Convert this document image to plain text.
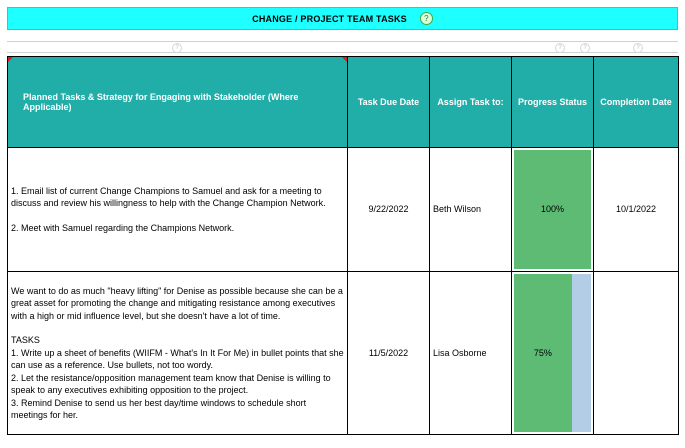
CHANGE / PROJECT TEAM TASKS	?
?	?	?	?
Planned Tasks & Strategy for Engaging with Stakeholder (Where Applicable)	Task Due Date	Assign Task to:	Progress Status	Completion Date

1. Email list of current Change Champions to Samuel and ask for a meeting to discuss and review his willingness to help with the Change Champion Network.

2. Meet with Samuel regarding the Champions Network.	9/22/2022	Beth Wilson	100%	10/1/2022

We want to do as much "heavy lifting" for Denise as possible because she can be a great asset for promoting the change and mitigating resistance among executives with a high or mid influence level, but she doesn't have a lot of time.

TASKS

1. Write up a sheet of benefits (WIIFM - What's In It For Me) in bullet points that she can use as a reference. Use bullets, not too wordy.

2. Let the resistance/opposition management team know that Denise is willing to speak to any executives exhibiting opposition to the project.

3. Remind Denise to send us her best day/time windows to schedule short meetings for her.	11/5/2022	Lisa Osborne	75%	
